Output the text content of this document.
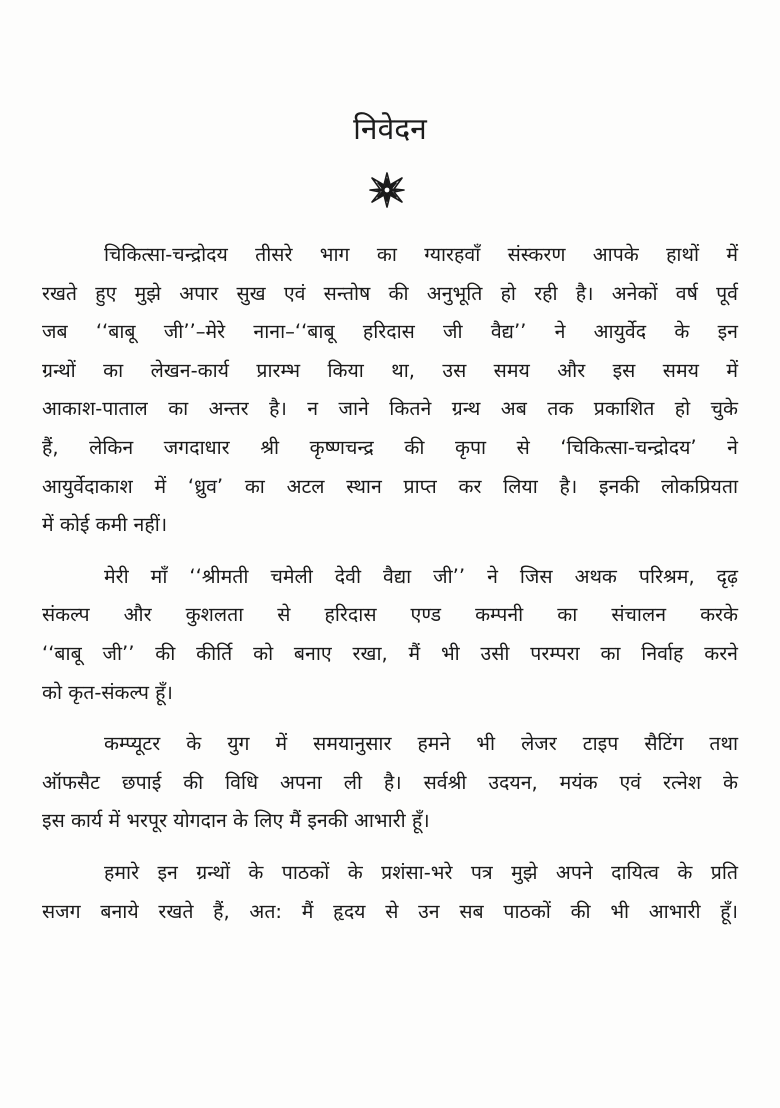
निवेदन

चिकित्सा-चन्द्रोदय तीसरे भाग का ग्यारहवाँ संस्करण आपके हाथों में
रखते हुए मुझे अपार सुख एवं सन्तोष की अनुभूति हो रही है। अनेकों वर्ष पूर्व
जब ‘‘बाबू जी’’–मेरे नाना–‘‘बाबू हरिदास जी वैद्य’’ ने आयुर्वेद के इन
ग्रन्थों का लेखन-कार्य प्रारम्भ किया था, उस समय और इस समय में
आकाश-पाताल का अन्तर है। न जाने कितने ग्रन्थ अब तक प्रकाशित हो चुके
हैं, लेकिन जगदाधार श्री कृष्णचन्द्र की कृपा से ‘चिकित्सा-चन्द्रोदय’ ने
आयुर्वेदाकाश में ‘ध्रुव’ का अटल स्थान प्राप्त कर लिया है। इनकी लोकप्रियता
में कोई कमी नहीं।

मेरी माँ ‘‘श्रीमती चमेली देवी वैद्या जी’’ ने जिस अथक परिश्रम, दृढ़
संकल्प और कुशलता से हरिदास एण्ड कम्पनी का संचालन करके
‘‘बाबू जी’’ की कीर्ति को बनाए रखा, मैं भी उसी परम्परा का निर्वाह करने
को कृत-संकल्प हूँ।

कम्प्यूटर के युग में समयानुसार हमने भी लेजर टाइप सैटिंग तथा
ऑफसैट छपाई की विधि अपना ली है। सर्वश्री उदयन, मयंक एवं रत्नेश के
इस कार्य में भरपूर योगदान के लिए मैं इनकी आभारी हूँ।

हमारे इन ग्रन्थों के पाठकों के प्रशंसा-भरे पत्र मुझे अपने दायित्व के प्रति
सजग बनाये रखते हैं, अत: मैं हृदय से उन सब पाठकों की भी आभारी हूँ।
